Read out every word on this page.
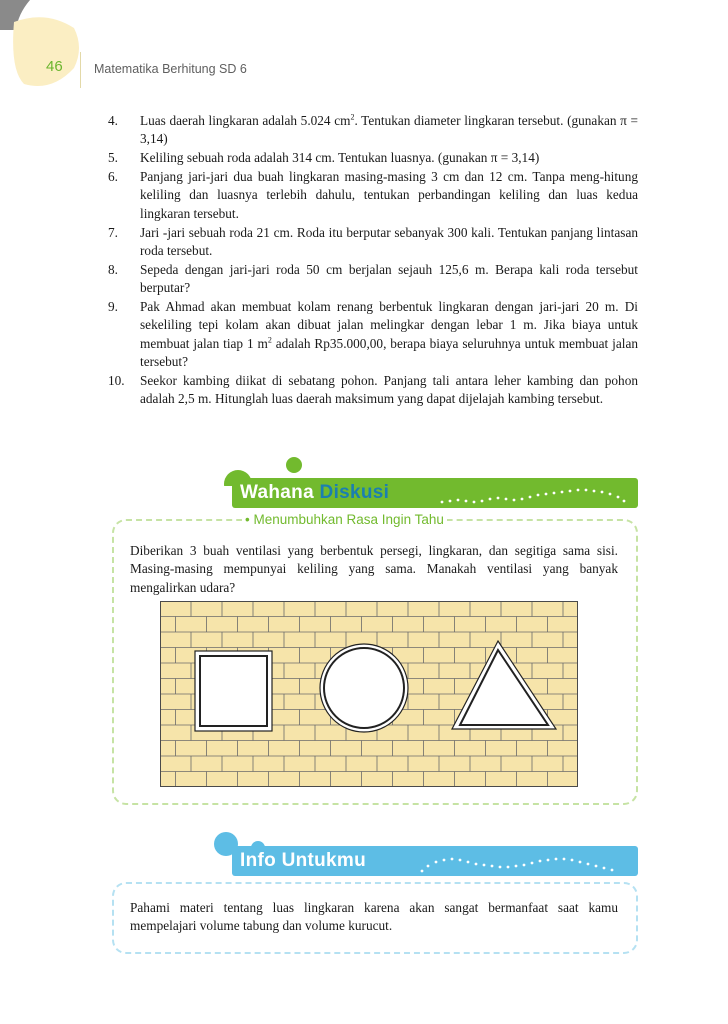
46	Matematika Berhitung SD 6
4.	Luas daerah lingkaran adalah 5.024 $cm^2$. Tentukan diameter lingkaran tersebut. (gunakan π = 3,14)
5.	Keliling sebuah roda adalah 314 cm. Tentukan luasnya. (gunakan π = 3,14)
6.	Panjang jari-jari dua buah lingkaran masing-masing 3 cm dan 12 cm. Tanpa meng-hitung keliling dan luasnya terlebih dahulu, tentukan perbandingan keliling dan luas kedua lingkaran tersebut.
7.	Jari -jari sebuah roda 21 cm. Roda itu berputar sebanyak 300 kali. Tentukan panjang lintasan roda tersebut.
8.	Sepeda dengan jari-jari roda 50 cm berjalan sejauh 125,6 m. Berapa kali roda tersebut berputar?
9.	Pak Ahmad akan membuat kolam renang berbentuk lingkaran dengan jari-jari 20 m. Di sekeliling tepi kolam akan dibuat jalan melingkar dengan lebar 1 m. Jika biaya untuk membuat jalan tiap 1 $m^2$ adalah Rp35.000,00, berapa biaya seluruhnya untuk membuat jalan tersebut?
10.	Seekor kambing diikat di sebatang pohon. Panjang tali antara leher kambing dan pohon adalah 2,5 m. Hitunglah luas daerah maksimum yang dapat dijelajah kambing tersebut.
Wahana Diskusi
• Menumbuhkan Rasa Ingin Tahu
Diberikan 3 buah ventilasi yang berbentuk persegi, lingkaran, dan segitiga sama sisi. Masing-masing mempunyai keliling yang sama. Manakah ventilasi yang banyak mengalirkan udara?
Info Untukmu
Pahami materi tentang luas lingkaran karena akan sangat bermanfaat saat kamu mempelajari volume tabung dan volume kurucut.
